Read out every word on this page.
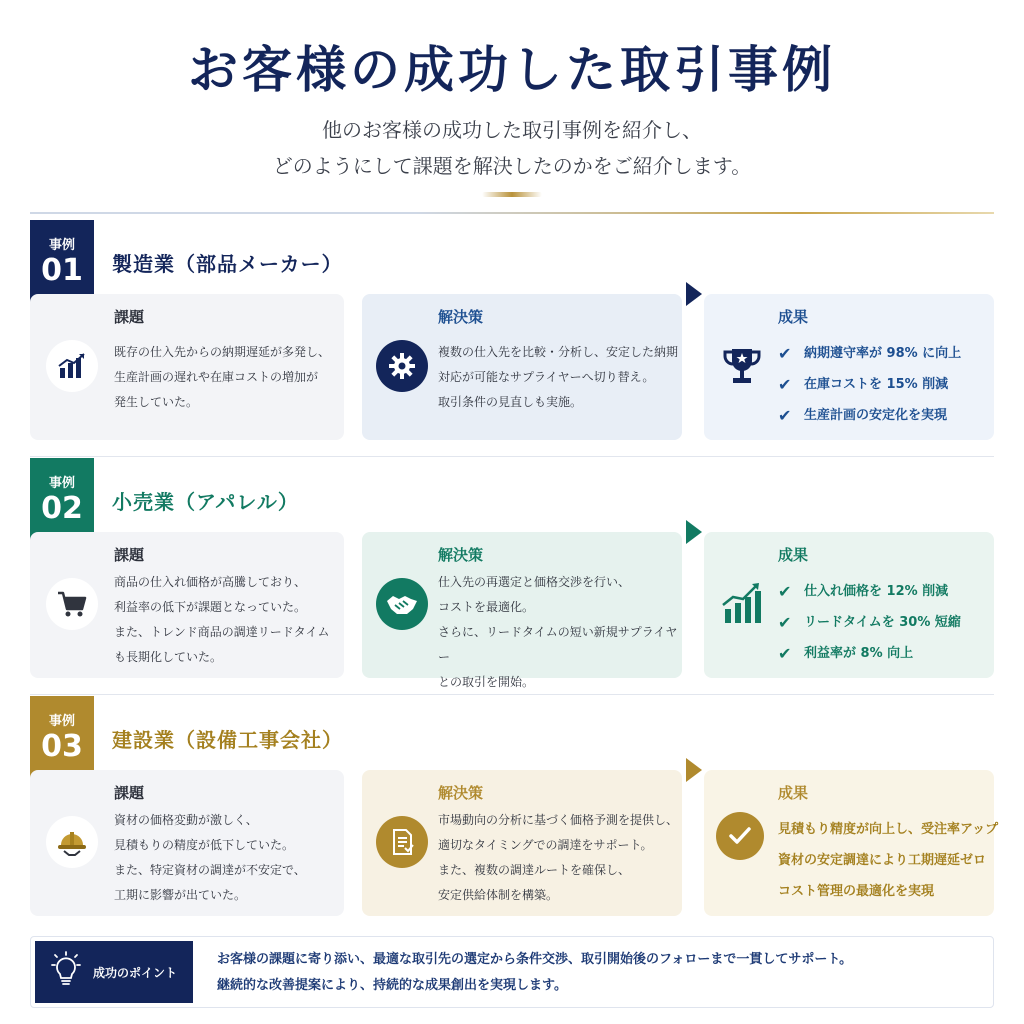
お客様の成功した取引事例
他のお客様の成功した取引事例を紹介し、
どのようにして課題を解決したのかをご紹介します。
事例
01	製造業（部品メーカー）
課題
既存の仕入先からの納期遅延が多発し、
生産計画の遅れや在庫コストの増加が
発生していた。
解決策
複数の仕入先を比較・分析し、安定した納期
対応が可能なサプライヤーへ切り替え。
取引条件の見直しも実施。
成果
✔ 納期遵守率が 98% に向上
✔ 在庫コストを 15% 削減
✔ 生産計画の安定化を実現
事例
02	小売業（アパレル）
課題
商品の仕入れ価格が高騰しており、
利益率の低下が課題となっていた。
また、トレンド商品の調達リードタイム
も長期化していた。
解決策
仕入先の再選定と価格交渉を行い、
コストを最適化。
さらに、リードタイムの短い新規サプライヤー
との取引を開始。
成果
✔ 仕入れ価格を 12% 削減
✔ リードタイムを 30% 短縮
✔ 利益率が 8% 向上
事例
03	建設業（設備工事会社）
課題
資材の価格変動が激しく、
見積もりの精度が低下していた。
また、特定資材の調達が不安定で、
工期に影響が出ていた。
解決策
市場動向の分析に基づく価格予測を提供し、
適切なタイミングでの調達をサポート。
また、複数の調達ルートを確保し、
安定供給体制を構築。
成果
見積もり精度が向上し、受注率アップ
資材の安定調達により工期遅延ゼロ
コスト管理の最適化を実現
成功のポイント
お客様の課題に寄り添い、最適な取引先の選定から条件交渉、取引開始後のフォローまで一貫してサポート。
継続的な改善提案により、持続的な成果創出を実現します。
